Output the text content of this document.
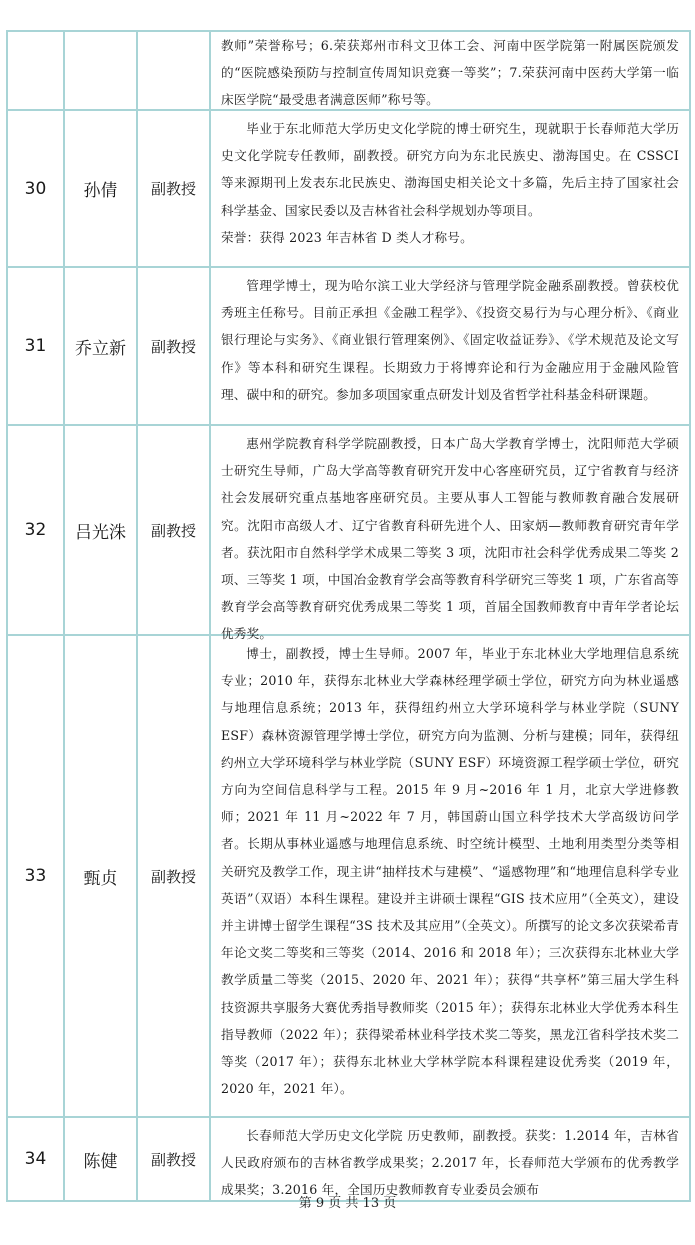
教师”荣誉称号；6.荣获郑州市科文卫体工会、河南中医学院第一附属医院颁发的“医院感染预防与控制宣传周知识竞赛一等奖”；7.荣获河南中医药大学第一临床医学院“最受患者满意医师”称号等。

30	孙倩	副教授

毕业于东北师范大学历史文化学院的博士研究生，现就职于长春师范大学历史文化学院专任教师，副教授。研究方向为东北民族史、渤海国史。在 CSSCI 等来源期刊上发表东北民族史、渤海国史相关论文十多篇，先后主持了国家社会科学基金、国家民委以及吉林省社会科学规划办等项目。

荣誉：获得 2023 年吉林省 D 类人才称号。

31	乔立新	副教授

管理学博士，现为哈尔滨工业大学经济与管理学院金融系副教授。曾获校优秀班主任称号。目前正承担《金融工程学》、《投资交易行为与心理分析》、《商业银行理论与实务》、《商业银行管理案例》、《固定收益证券》、《学术规范及论文写作》等本科和研究生课程。长期致力于将博弈论和行为金融应用于金融风险管理、碳中和的研究。参加多项国家重点研发计划及省哲学社科基金科研课题。

32	吕光洙	副教授

惠州学院教育科学学院副教授，日本广岛大学教育学博士，沈阳师范大学硕士研究生导师，广岛大学高等教育研究开发中心客座研究员，辽宁省教育与经济社会发展研究重点基地客座研究员。主要从事人工智能与教师教育融合发展研究。沈阳市高级人才、辽宁省教育科研先进个人、田家炳—教师教育研究青年学者。获沈阳市自然科学学术成果二等奖 3 项，沈阳市社会科学优秀成果二等奖 2 项、三等奖 1 项，中国冶金教育学会高等教育科学研究三等奖 1 项，广东省高等教育学会高等教育研究优秀成果二等奖 1 项，首届全国教师教育中青年学者论坛优秀奖。

33	甄贞	副教授

博士，副教授，博士生导师。2007 年，毕业于东北林业大学地理信息系统专业；2010 年，获得东北林业大学森林经理学硕士学位，研究方向为林业遥感与地理信息系统；2013 年，获得纽约州立大学环境科学与林业学院（SUNY ESF）森林资源管理学博士学位，研究方向为监测、分析与建模；同年，获得纽约州立大学环境科学与林业学院（SUNY ESF）环境资源工程学硕士学位，研究方向为空间信息科学与工程。2015 年 9 月~2016 年 1 月，北京大学进修教师；2021 年 11 月~2022 年 7 月，韩国蔚山国立科学技术大学高级访问学者。长期从事林业遥感与地理信息系统、时空统计模型、土地利用类型分类等相关研究及教学工作，现主讲“抽样技术与建模”、“遥感物理”和“地理信息科学专业英语”（双语）本科生课程。建设并主讲硕士课程“GIS 技术应用”（全英文），建设并主讲博士留学生课程“3S 技术及其应用”（全英文）。所撰写的论文多次获梁希青年论文奖二等奖和三等奖（2014、2016 和 2018 年）；三次获得东北林业大学教学质量二等奖（2015、2020 年、2021 年）；获得“共享杯”第三届大学生科技资源共享服务大赛优秀指导教师奖（2015 年）；获得东北林业大学优秀本科生指导教师（2022 年）；获得梁希林业科学技术奖二等奖，黑龙江省科学技术奖二等奖（2017 年）；获得东北林业大学林学院本科课程建设优秀奖（2019 年，2020 年，2021 年）。

34	陈健	副教授

长春师范大学历史文化学院 历史教师，副教授。获奖：1.2014 年，吉林省人民政府颁布的吉林省教学成果奖；2.2017 年，长春师范大学颁布的优秀教学成果奖；3.2016 年，全国历史教师教育专业委员会颁布

第 9 页 共 13 页
